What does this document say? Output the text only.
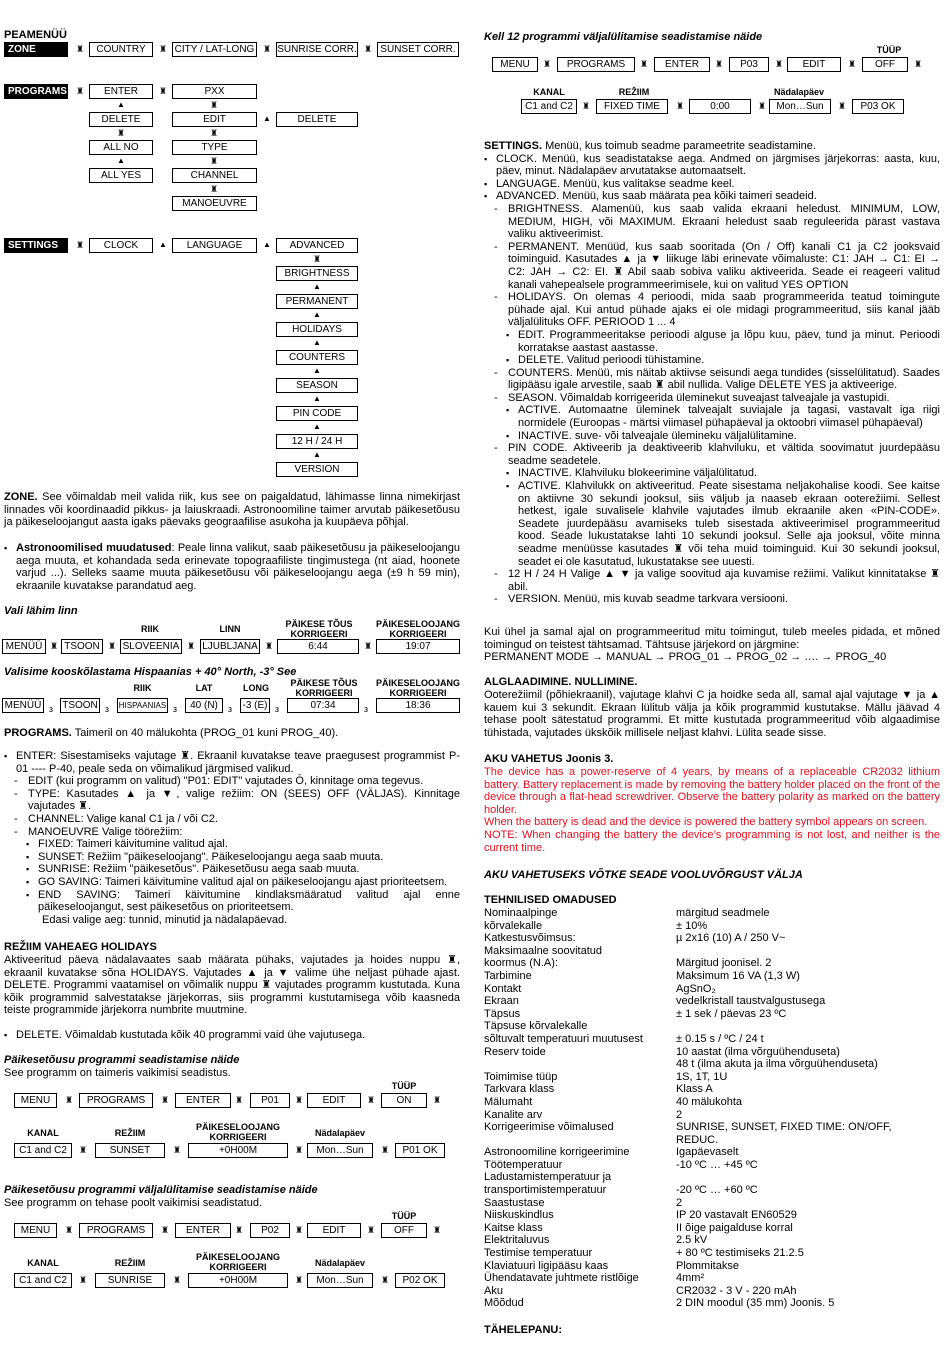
PEAMENÜÜ
ZONE	♜	COUNTRY	♜ CITY / LAT-LONG ♜ SUNRISE CORR. ♜ SUNSET CORR.
PROGRAMS ♜	ENTER	♜	PXX
▲	♜
DELETE	EDIT	▲	DELETE
♜	♜
ALL NO	TYPE
▲	♜
ALL YES	CHANNEL
♜
MANOEUVRE
SETTINGS	♜	CLOCK	▲	LANGUAGE	▲	ADVANCED
♜
BRIGHTNESS
▲
PERMANENT
▲
HOLIDAYS
▲
COUNTERS
▲
SEASON
▲
PIN CODE
▲
12 H / 24 H
▲
VERSION
ZONE. See võimaldab meil valida riik, kus see on paigaldatud, lähimasse linna nimekirjast linnades või koordinaadid pikkus- ja laiuskraadi. Astronoomiline taimer arvutab päikesetõusu ja päikeseloojangut aasta igaks päevaks geograafilise asukoha ja kuupäeva põhjal.
▪ Astronoomilised muudatused: Peale linna valikut, saab päikesetõusu ja päikeseloojangu aega muuta, et kohandada seda erinevate topograafiliste tingimustega (nt aiad, hoonete varjud ...). Selleks saame muuta päikesetõusu või päikeseloojangu aega (±9 h 59 min), ekraanile kuvatakse parandatud aeg.
Vali lähim linn
RIIK	LINN	PÄIKESE TÕUS KORRIGEERI
PÄIKESELOOJANG KORRIGEERI
MENÜÜ ♜ TSOON ♜ SLOVEENIA ♜ LJUBLJANA ♜	6:44	♜	19:07
Valisime kooskõlastama Hispaanias + 40° North, -3° See
RIIK	LAT	LONG	PÄIKESE TÕUS KORRIGEERI
PÄIKESELOOJANG KORRIGEERI
MENÜÜ з TSOON з	HISPAANIAS з	40 (N)	з	-3 (E) з	07:34	з	18:36
PROGRAMS. Taimeril on 40 mälukohta (PROG_01 kuni PROG_40).
▪ ENTER: Sisestamiseks vajutage ♜. Ekraanil kuvatakse teave praegusest programmist P-01 ---- P-40, peale seda on võimalikud järgmised valikud.
- EDIT (kui programm on valitud) "P01: EDIT" vajutades Ō, kinnitage oma tegevus.
- TYPE: Kasutades ▲ ja ▼, valige režiim: ON (SEES) OFF (VÄLJAS). Kinnitage vajutades ♜.
- CHANNEL: Valige kanal C1 ja / või C2.
- MANOEUVRE Valige töörežiim:
▪ FIXED: Taimeri käivitumine valitud ajal.
▪ SUNSET: Režiim "päikeseloojang". Päikeseloojangu aega saab muuta.
▪ SUNRISE: Režiim "päikesetõus". Päikesetõusu aega saab muuta.
▪ GO SAVING: Taimeri käivitumine valitud ajal on päikeseloojangu ajast prioriteetsem.
▪ END SAVING: Taimeri käivitumine kindlaksmääratud valitud ajal enne päikeseloojangut, sest päikesetõus on prioriteetsem.
Edasi valige aeg: tunnid, minutid ja nädalapäevad.
REŽIIM VAHEAEG HOLIDAYS
Aktiveeritud päeva nädalavaates saab määrata pühaks, vajutades ja hoides nuppu ♜, ekraanil kuvatakse sõna HOLIDAYS. Vajutades ▲ ja ▼ valime ühe neljast pühade ajast. DELETE. Programmi vaatamisel on võimalik nuppu ♜ vajutades programm kustutada. Kuna kõik programmid salvestatakse järjekorras, siis programmi kustutamisega võib kaasneda teiste programmide järjekorra numbrite muutmine.
▪ DELETE. Võimaldab kustutada kõik 40 programmi vaid ühe vajutusega.
Päikesetõusu programmi seadistamise näide
See programm on taimeris vaikimisi seadistus.
TÜÜP
MENU	♜	PROGRAMS	♜	ENTER	♜	P01	♜	EDIT	♜	ON	♜
KANAL	REŽIIM
PÄIKESELOOJANG KORRIGEERI	Nädalapäev
C1 and C2	♜	SUNSET	♜	+0H00M	♜	Mon…Sun	♜	P01 OK
Päikesetõusu programmi väljalülitamise seadistamise näide
See programm on tehase poolt vaikimisi seadistatud.
TÜÜP
MENU	♜	PROGRAMS	♜	ENTER	♜	P02	♜	EDIT	♜	OFF	♜
KANAL	REŽIIM
PÄIKESELOOJANG KORRIGEERI	Nädalapäev
C1 and C2	♜	SUNRISE	♜	+0H00M	♜	Mon…Sun	♜	P02 OK
Kell 12 programmi väljalülitamise seadistamise näide
TÜÜP
MENU	♜	PROGRAMS	♜	ENTER	♜	P03	♜	EDIT	♜	OFF	♜
KANAL	REŽIIM	Nädalapäev
C1 and C2	♜	FIXED TIME	♜	0:00	♜	Mon…Sun	♜	P03 OK

SETTINGS. Menüü, kus toimub seadme parameetrite seadistamine.

▪ CLOCK. Menüü, kus seadistatakse aega. Andmed on järgmises järjekorras: aasta, kuu, päev, minut. Nädalapäev arvutatakse automaatselt.
▪ LANGUAGE. Menüü, kus valitakse seadme keel.
▪ ADVANCED. Menüü, kus saab määrata pea kõiki taimeri seadeid.
- BRIGHTNESS. Alamenüü, kus saab valida ekraani heledust. MINIMUM, LOW, MEDIUM, HIGH, või MAXIMUM. Ekraani heledust saab reguleerida pärast vastava valiku aktiveerimist.
- PERMANENT. Menüüd, kus saab sooritada (On / Off) kanali C1 ja C2 jooksvaid toiminguid. Kasutades ▲ ja ▼ liikuge läbi erinevate võimaluste: C1: JAH → C1: EI → C2: JAH → C2: EI. ♜ Abil saab sobiva valiku aktiveerida. Seade ei reageeri valitud kanali vahepealsele programmeerimisele, kui on valitud YES OPTION
- HOLIDAYS. On olemas 4 perioodi, mida saab programmeerida teatud toimingute pühade ajal. Kui antud pühade ajaks ei ole midagi programmeeritud, siis kanal jääb väljalülituks OFF. PERIOOD 1 ... 4
▪ EDIT. Programmeeritakse perioodi alguse ja lõpu kuu, päev, tund ja minut. Perioodi korratakse aastast aastasse.
▪ DELETE. Valitud perioodi tühistamine.
- COUNTERS. Menüü, mis näitab aktiivse seisundi aega tundides (sisselülitatud). Saades ligipääsu igale arvestile, saab ♜ abil nullida. Valige DELETE YES ja aktiveerige.
- SEASON. Võimaldab korrigeerida üleminekut suveajast talveajale ja vastupidi.
▪ ACTIVE. Automaatne üleminek talveajalt suviajale ja tagasi, vastavalt iga riigi normidele (Euroopas - märtsi viimasel pühapäeval ja oktoobri viimasel pühapäeval)
▪ INACTIVE. suve- või talveajale ülemineku väljalülitamine.
- PIN CODE. Aktiveerib ja deaktiveerib klahviluku, et vältida soovimatut juurdepääsu seadme seadetele.
▪ INACTIVE. Klahviluku blokeerimine väljalülitatud.
▪ ACTIVE. Klahvilukk on aktiveeritud. Peate sisestama neljakohalise koodi. See kaitse on aktiivne 30 sekundi jooksul, siis väljub ja naaseb ekraan ooterežiimi. Sellest hetkest, igale suvalisele klahvile vajutades ilmub ekraanile aken «PIN-CODE». Seadete juurdepääsu avamiseks tuleb sisestada aktiveerimisel programmeeritud kood. Seade lukustatakse lahti 10 sekundi jooksul. Selle aja jooksul, võite minna seadme menüüsse kasutades ♜ või teha muid toiminguid. Kui 30 sekundi jooksul, seadet ei ole kasutatud, lukustatakse see uuesti.
- 12 H / 24 H Valige ▲ ▼ ja valige soovitud aja kuvamise režiimi. Valikut kinnitatakse ♜ abil.
- VERSION. Menüü, mis kuvab seadme tarkvara versiooni.
Kui ühel ja samal ajal on programmeeritud mitu toimingut, tuleb meeles pidada, et mõned toimingud on teistest tähtsamad. Tähtsuse järjekord on järgmine:
PERMANENT MODE → MANUAL → PROG_01 → PROG_02 → …. → PROG_40
ALGLAADIMINE. NULLIMINE.
Ooterežiimil (põhiekraanil), vajutage klahvi C ja hoidke seda all, samal ajal vajutage ▼ ja ▲ kauem kui 3 sekundit. Ekraan lülitub välja ja kõik programmid kustutakse. Mällu jäävad 4 tehase poolt sätestatud programmi. Et mitte kustutada programmeeritud võib algaadimise tühistada, vajutades ükskõik millisele neljast klahvi. Lülita seade sisse.
AKU VAHETUS Joonis 3.

The device has a power-reserve of 4 years, by means of a replaceable CR2032 lithium battery. Battery replacement is made by removing the battery holder placed on the front of the device through a flat-head screwdriver. Observe the battery polarity as marked on the battery holder.

When the battery is dead and the device is powered the battery symbol appears on screen.

NOTE: When changing the battery the device’s programming is not lost, and neither is the current time.

AKU VAHETUSEKS VÕTKE SEADE VOOLUVÕRGUST VÄLJA
TEHNILISED OMADUSED
Nominaalpinge	märgitud seadmele
kõrvalekalle	± 10%
Katkestusvõimsus:	µ 2x16 (10) A / 250 V~
Maksimaalne soovitatud
koormus (N.A):	Märgitud joonisel. 2
Tarbimine	Maksimum 16 VA (1,3 W)
Kontakt	AgSnO₂
Ekraan	vedelkristall taustvalgustusega
Täpsus	± 1 sek / päevas 23 ºC
Täpsuse kõrvalekalle
sõltuvalt temperatuuri muutusest	± 0.15 s / ºC / 24 t
Reserv toide	10 aastat (ilma võrguühenduseta)
48 t (ilma akuta ja ilma võrguühenduseta)
Toimimise tüüp	1S, 1T, 1U
Tarkvara klass	Klass A
Mälumaht	40 mälukohta
Kanalite arv	2
Korrigeerimise võimalused	SUNRISE, SUNSET, FIXED TIME: ON/OFF,
REDUC.
Astronoomiline korrigeerimine	Igapäevaselt
Töötemperatuur	-10 ºC … +45 ºC
Ladustamistemperatuur ja
transportimistemperatuur	-20 ºC … +60 ºC
Saastustase	2
Niiskuskindlus	IP 20 vastavalt EN60529
Kaitse klass	II õige paigalduse korral
Elektritaluvus	2.5 kV
Testimise temperatuur	+ 80 ºC testimiseks 21.2.5
Klaviatuuri ligipääsu kaas	Plommitakse
Ühendatavate juhtmete ristlõige	4mm²
Aku	CR2032 - 3 V - 220 mAh
Mõõdud	2 DIN moodul (35 mm) Joonis. 5
TÄHELEPANU:
